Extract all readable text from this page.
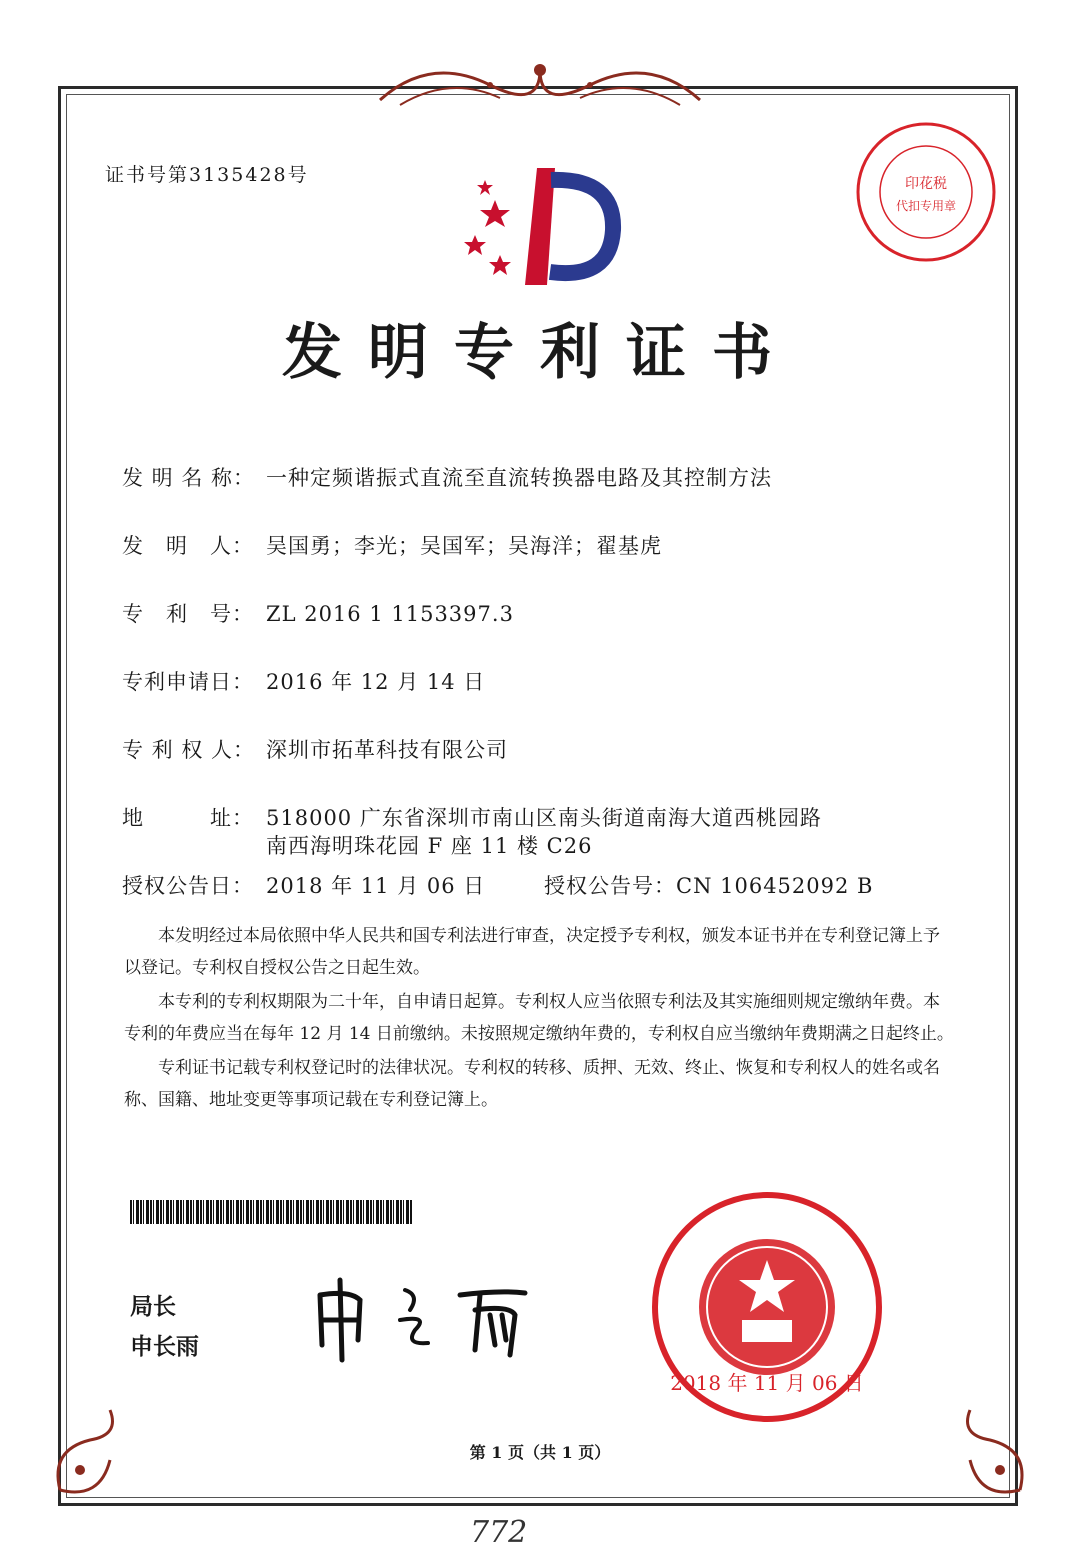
证书号第3135428号	印花税
代扣专用章
发明专利证书
发 明 名 称： 一种定频谐振式直流至直流转换器电路及其控制方法
发　明　人： 吴国勇；李光；吴国军；吴海洋；翟基虎
专　利　号： ZL 2016 1 1153397.3
专利申请日： 2016 年 12 月 14 日
专 利 权 人： 深圳市拓革科技有限公司
地　　　址： 518000 广东省深圳市南山区南头街道南海大道西桃园路
南西海明珠花园 F 座 11 楼 C26
授权公告日： 2018 年 11 月 06 日	授权公告号：CN 106452092 B

本发明经过本局依照中华人民共和国专利法进行审查，决定授予专利权，颁发本证书并在专利登记簿上予以登记。专利权自授权公告之日起生效。

本专利的专利权期限为二十年，自申请日起算。专利权人应当依照专利法及其实施细则规定缴纳年费。本专利的年费应当在每年 12 月 14 日前缴纳。未按照规定缴纳年费的，专利权自应当缴纳年费期满之日起终止。

专利证书记载专利权登记时的法律状况。专利权的转移、质押、无效、终止、恢复和专利权人的姓名或名称、国籍、地址变更等事项记载在专利登记簿上。

局长
申长雨
2018 年 11 月 06 日
第 1 页（共 1 页）
772
